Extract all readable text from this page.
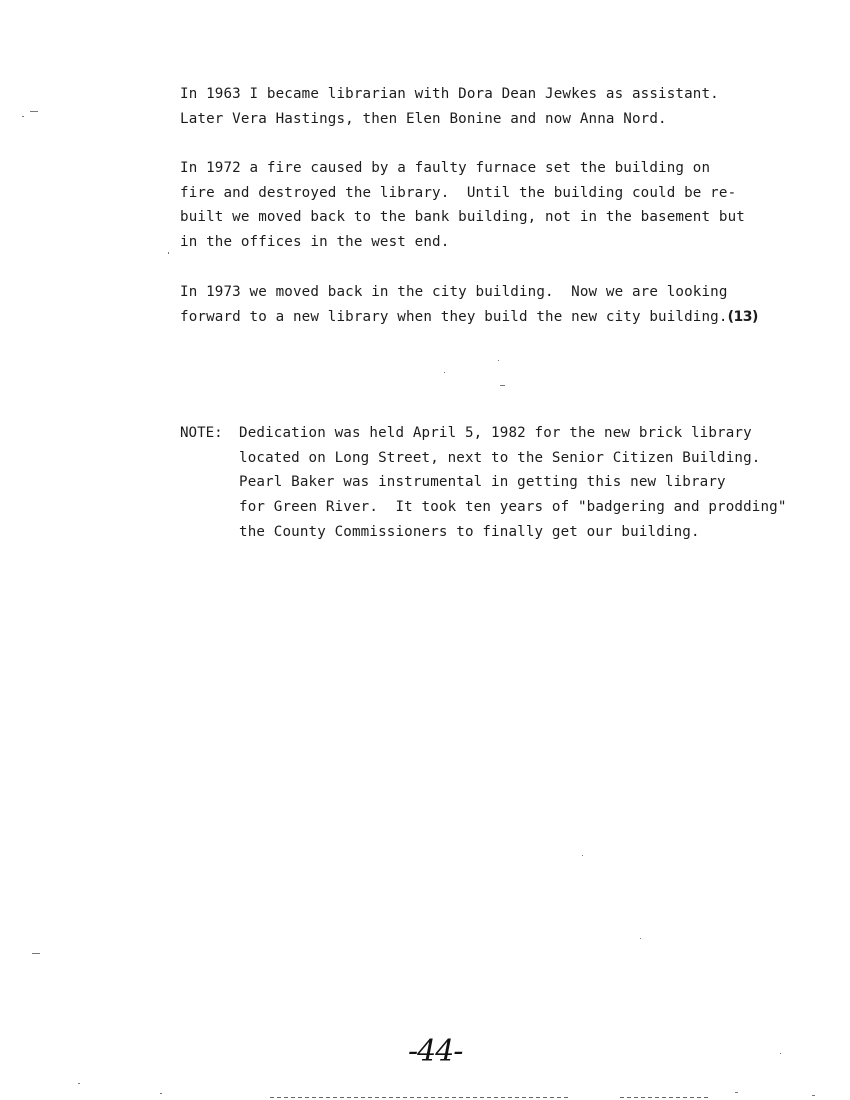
In 1963 I became librarian with Dora Dean Jewkes as assistant.
Later Vera Hastings, then Elen Bonine and now Anna Nord.
In 1972 a fire caused by a faulty furnace set the building on
fire and destroyed the library.  Until the building could be re-
built we moved back to the bank building, not in the basement but
in the offices in the west end.
In 1973 we moved back in the city building.  Now we are looking
forward to a new library when they build the new city building.(13)
NOTE: Dedication was held April 5, 1982 for the new brick library
located on Long Street, next to the Senior Citizen Building.
Pearl Baker was instrumental in getting this new library
for Green River.  It took ten years of "badgering and prodding"
the County Commissioners to finally get our building.
-44-
